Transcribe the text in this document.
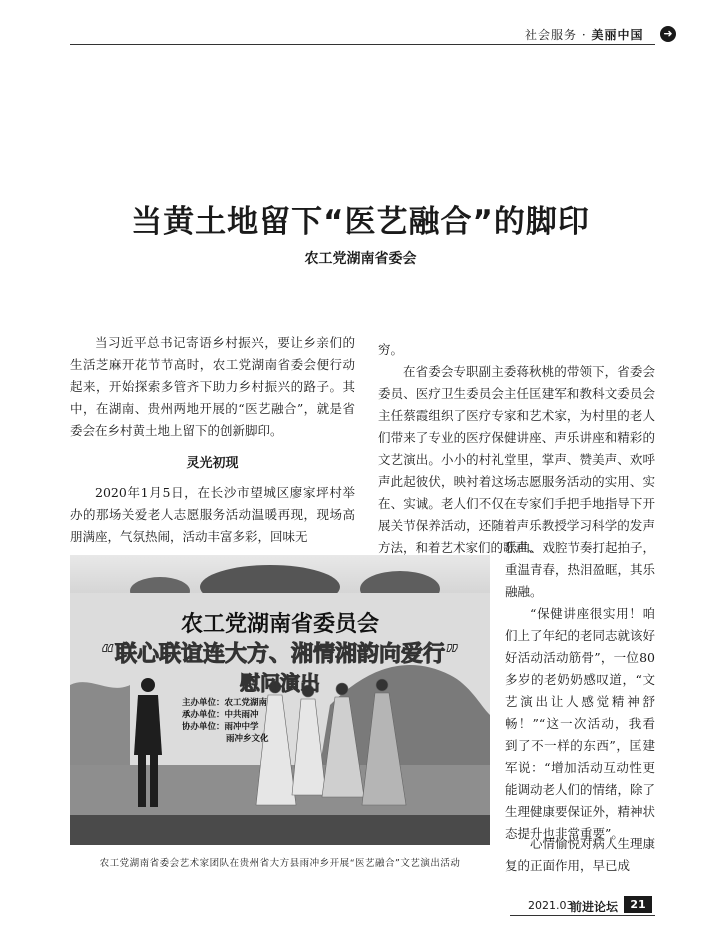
社会服务 · 美丽中国	➜
当黄土地留下“医艺融合”的脚印
农工党湖南省委会

当习近平总书记寄语乡村振兴，要让乡亲们的生活芝麻开花节节高时，农工党湖南省委会便行动起来，开始探索多管齐下助力乡村振兴的路子。其中，在湖南、贵州两地开展的“医艺融合”，就是省委会在乡村黄土地上留下的创新脚印。

灵光初现

2020年1月5日，在长沙市望城区廖家坪村举办的那场关爱老人志愿服务活动温暖再现，现场高朋满座，气氛热闹，活动丰富多彩，回味无

穷。

在省委会专职副主委蒋秋桃的带领下，省委会委员、医疗卫生委员会主任匡建军和教科文委员会主任蔡霞组织了医疗专家和艺术家，为村里的老人们带来了专业的医疗保健讲座、声乐讲座和精彩的文艺演出。小小的村礼堂里，掌声、赞美声、欢呼声此起彼伏，映衬着这场志愿服务活动的实用、实在、实诚。老人们不仅在专家们手把手地指导下开展关节保养活动，还随着声乐教授学习科学的发声方法，和着艺术家们的歌声、

乐曲、戏腔节奏打起拍子，重温青春，热泪盈眶，其乐融融。

“保健讲座很实用！咱们上了年纪的老同志就该好好活动活动筋骨”，一位80多岁的老奶奶感叹道，“文艺演出让人感觉精神舒畅！”“这一次活动，我看到了不一样的东西”，匡建军说：“增加活动互动性更能调动老人们的情绪，除了生理健康要保证外，精神状态提升也非常重要”。

心情愉悦对病人生理康复的正面作用，早已成

农工党湖南省委员会
“联心联谊连大方、湘情湘韵向爱行”
慰问演出
主办单位：农工党湖南
承办单位：中共雨冲
协办单位：雨冲中学
雨冲乡文化

农工党湖南省委会艺术家团队在贵州省大方县雨冲乡开展“医艺融合”文艺演出活动

2021.03
前进论坛	21
